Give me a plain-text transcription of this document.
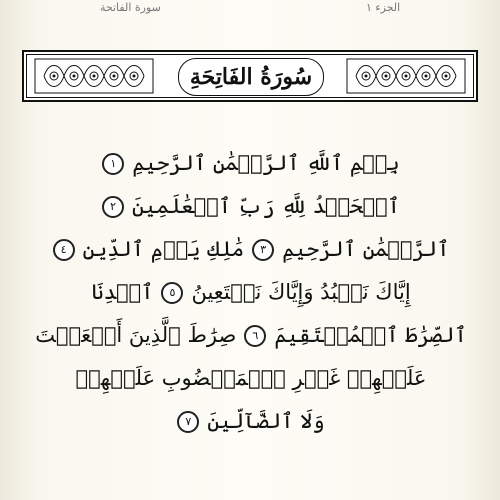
الجزء ١
سورة الفاتحة
سُورَةُ الفَاتِحَةِ
بِسۡمِ ٱللَّهِ ٱلرَّحۡمَٰنِ ٱلرَّحِيمِ
١
ٱلۡحَمۡدُ لِلَّهِ رَبِّ ٱلۡعَٰلَمِينَ
٢
ٱلرَّحۡمَٰنِ ٱلرَّحِيمِ
٣
مَٰلِكِ يَوۡمِ ٱلدِّينِ
٤
إِيَّاكَ نَعۡبُدُ وَإِيَّاكَ نَسۡتَعِينُ
٥
ٱهۡدِنَا
ٱلصِّرَٰطَ ٱلۡمُسۡتَقِيمَ
٦
صِرَٰطَ ٱلَّذِينَ أَنۡعَمۡتَ
عَلَيۡهِمۡ غَيۡرِ ٱلۡمَغۡضُوبِ عَلَيۡهِمۡ
وَلَا ٱلضَّآلِّينَ
٧
